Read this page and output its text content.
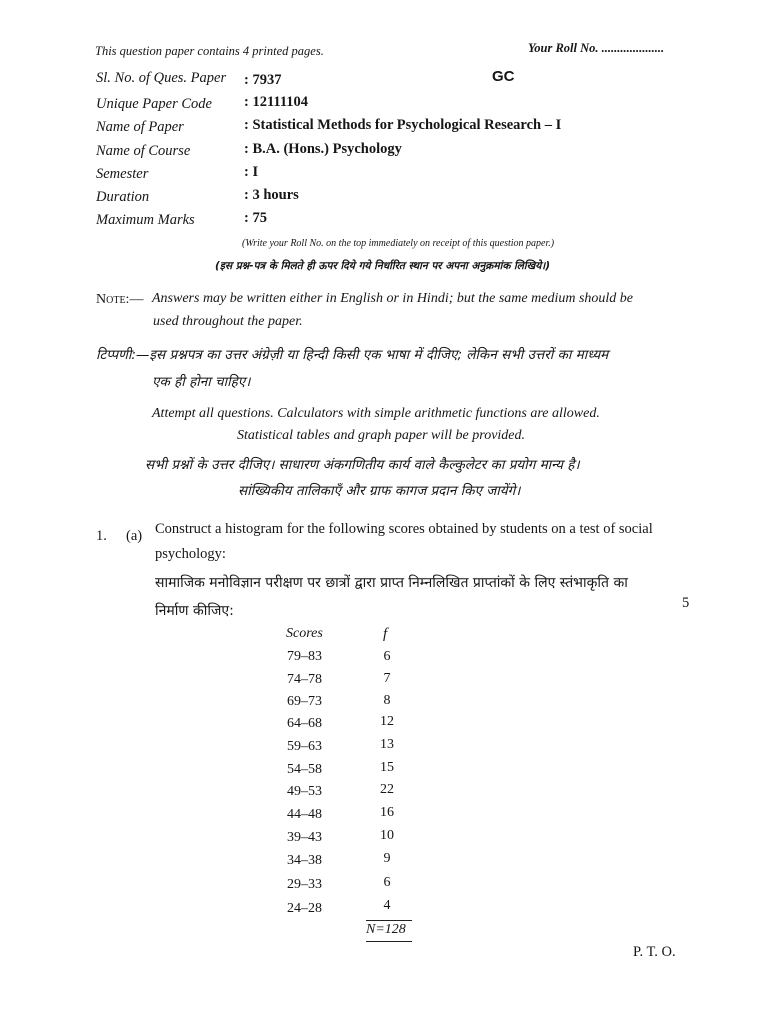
This question paper contains 4 printed pages.	Your Roll No. ....................
GC
Sl. No. of Ques. Paper : 7937
Unique Paper Code : 12111104
Name of Paper	: Statistical Methods for Psychological Research – I
Name of Course	: B.A. (Hons.) Psychology
Semester	: I
Duration	: 3 hours
Maximum Marks	: 75
(Write your Roll No. on the top immediately on receipt of this question paper.)
(इस प्रश्न-पत्र के मिलते ही ऊपर दिये गये निर्धारित स्थान पर अपना अनुक्रमांक लिखिये।)
Note:— Answers may be written either in English or in Hindi; but the same medium should be
used throughout the paper.
टिप्पणी:—इस प्रश्नपत्र का उत्तर अंग्रेज़ी या हिन्दी किसी एक भाषा में दीजिए; लेकिन सभी उत्तरों का माध्यम
एक ही होना चाहिए।
Attempt all questions. Calculators with simple arithmetic functions are allowed.
Statistical tables and graph paper will be provided.
सभी प्रश्नों के उत्तर दीजिए। साधारण अंकगणितीय कार्य वाले कैल्कुलेटर का प्रयोग मान्य है।
सांख्यिकीय तालिकाएँ और ग्राफ कागज प्रदान किए जायेंगे।
1. (a) Construct a histogram for the following scores obtained by students on a test of social
psychology:
सामाजिक मनोविज्ञान परीक्षण पर छात्रों द्वारा प्राप्त निम्नलिखित प्राप्तांकों के लिए स्तंभाकृति का
निर्माण कीजिए:	5
Scores	f
79–83	6
74–78	7
69–73	8
64–68	12
59–63	13
54–58	15
49–53	22
44–48	16
39–43	10
34–38	9
29–33	6
24–28	4
N=128
P. T. O.
